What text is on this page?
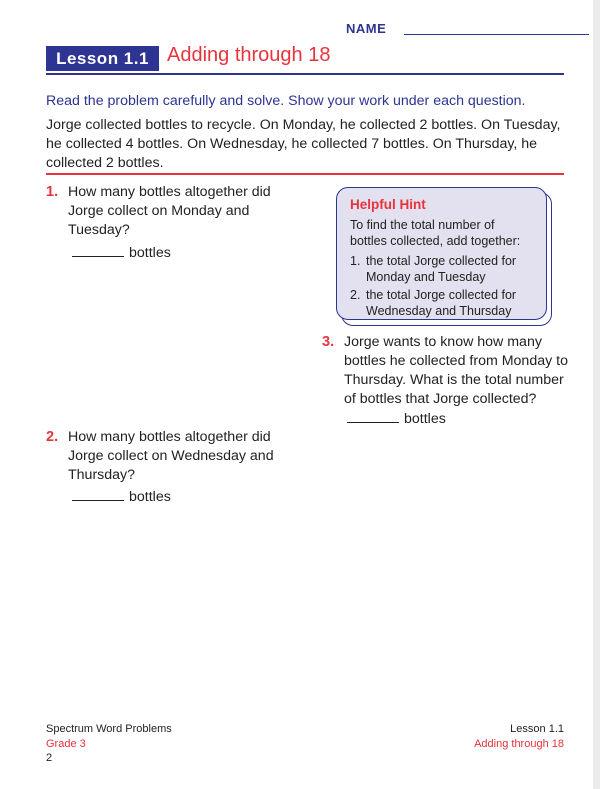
NAME
Lesson 1.1 Adding through 18
Read the problem carefully and solve. Show your work under each question.
Jorge collected bottles to recycle. On Monday, he collected 2 bottles. On Tuesday, he collected 4 bottles. On Wednesday, he collected 7 bottles. On Thursday, he collected 2 bottles.
1. How many bottles altogether did Jorge collect on Monday and Tuesday?
bottles
Helpful Hint
To find the total number of bottles collected, add together:
1. the total Jorge collected for Monday and Tuesday
2. the total Jorge collected for Wednesday and Thursday
3. Jorge wants to know how many bottles he collected from Monday to Thursday. What is the total number of bottles that Jorge collected?
bottles
2. How many bottles altogether did Jorge collect on Wednesday and Thursday?
bottles
Spectrum Word Problems
Grade 3
2
Lesson 1.1
Adding through 18
